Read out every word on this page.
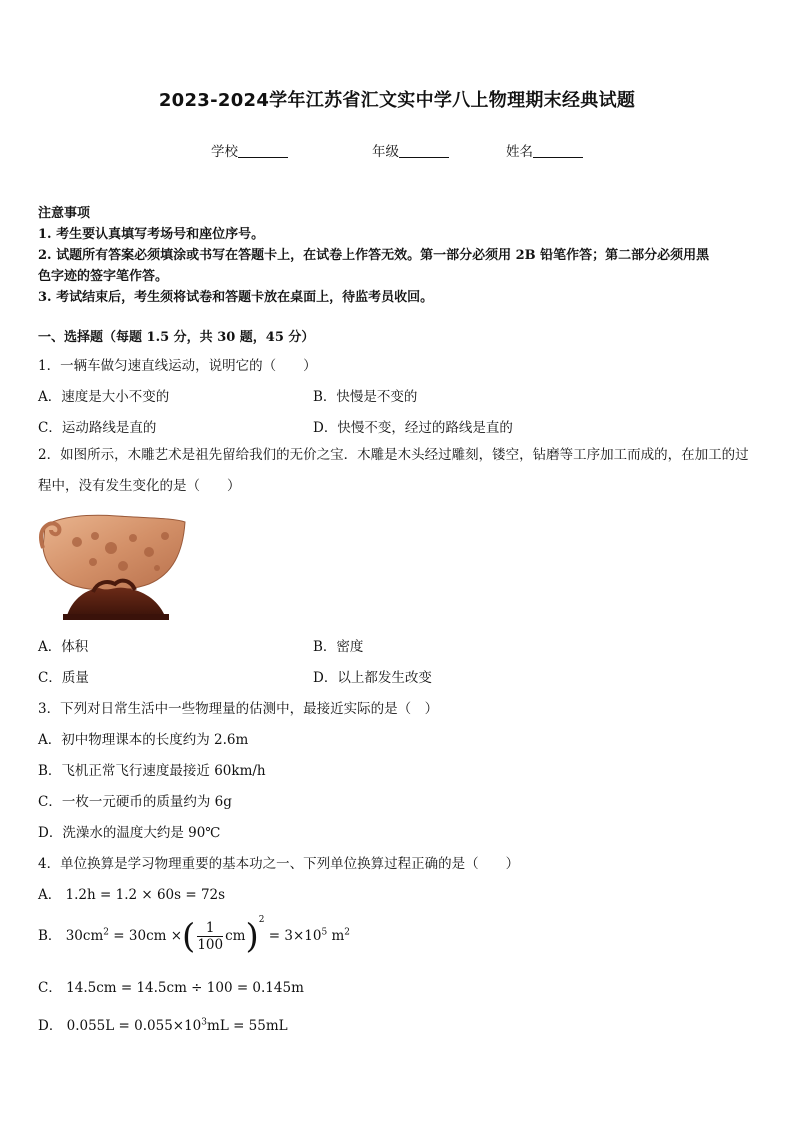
2023-2024学年江苏省汇文实中学八上物理期末经典试题
学校	年级	姓名
注意事项
1. 考生要认真填写考场号和座位序号。
2. 试题所有答案必须填涂或书写在答题卡上，在试卷上作答无效。第一部分必须用 2B 铅笔作答；第二部分必须用黑
色字迹的签字笔作答。
3. 考试结束后，考生须将试卷和答题卡放在桌面上，待监考员收回。
一、选择题（每题 1.5 分，共 30 题，45 分）
1．一辆车做匀速直线运动，说明它的（　　）
A．速度是大小不变的	B．快慢是不变的
C．运动路线是直的	D．快慢不变，经过的路线是直的
2．如图所示，木雕艺术是祖先留给我们的无价之宝．木雕是木头经过雕刻，镂空，钻磨等工序加工而成的，在加工的过程中，没有发生变化的是（　　）
A．体积	B．密度
C．质量	D．以上都发生改变
3．下列对日常生活中一些物理量的估测中，最接近实际的是（　）
A．初中物理课本的长度约为 2.6m
B．飞机正常飞行速度最接近 60km/h
C．一枚一元硬币的质量约为 6g
D．洗澡水的温度大约是 90℃
4．单位换算是学习物理重要的基本功之一、下列单位换算过程正确的是（　　）
A． 1.2h = 1.2 × 60s = 72s
B． $30cm^2 = 30cm$ ×( $\frac{1}{100} cm)^2 = 3\times 10^5$ $m^2$
C． 14.5cm = 14.5cm ÷ 100 = 0.145m
D． $0.055L = 0.055\times 10^3mL = 55mL$
